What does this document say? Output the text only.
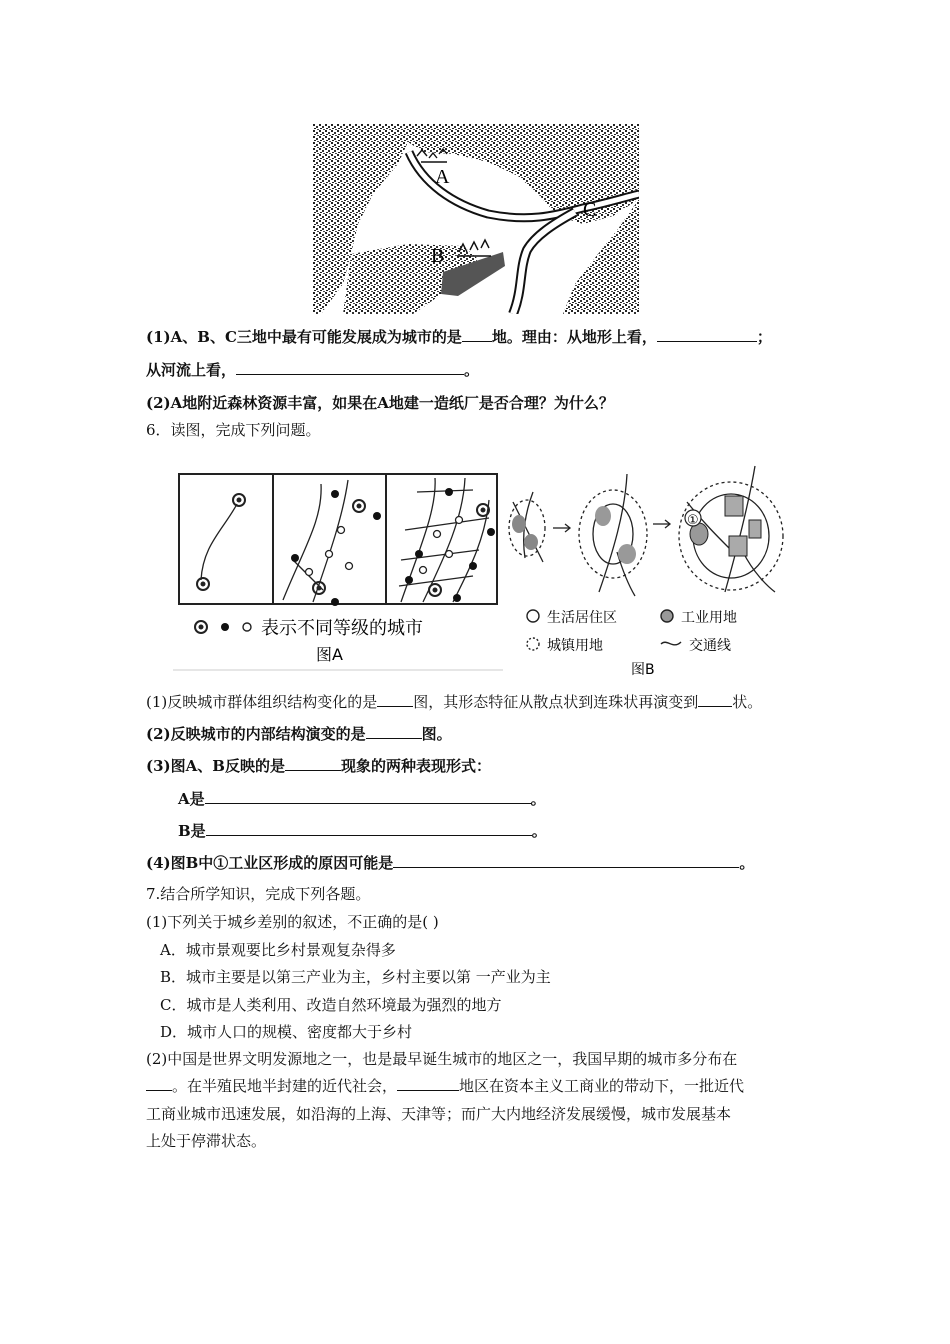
A
B
C
(1)A、B、C三地中最有可能发展成为城市的是 地。理由：从地形上看，	；
从河流上看，	。
(2)A地附近森林资源丰富，如果在A地建一造纸厂是否合理？为什么？
6．读图，完成下列问题。
表示不同等级的城市
图A
①
生活居住区	工业用地
城镇用地	交通线
图B
(1)反映城市群体组织结构变化的是 图，其形态特征从散点状到连珠状再演变到 状。
(2)反映城市的内部结构演变的是	图。
(3)图A、B反映的是	现象的两种表现形式：
A是	。
B是	。
(4)图B中①工业区形成的原因可能是	。
7.结合所学知识，完成下列各题。
(1)下列关于城乡差别的叙述，不正确的是( )
A．城市景观要比乡村景观复杂得多
B．城市主要是以第三产业为主，乡村主要以第 一产业为主
C．城市是人类利用、改造自然环境最为强烈的地方
D．城市人口的规模、密度都大于乡村
(2)中国是世界文明发源地之一，也是最早诞生城市的地区之一，我国早期的城市多分布在
。在半殖民地半封建的近代社会，	地区在资本主义工商业的带动下，一批近代
工商业城市迅速发展，如沿海的上海、天津等；而广大内地经济发展缓慢，城市发展基本
上处于停滞状态。
